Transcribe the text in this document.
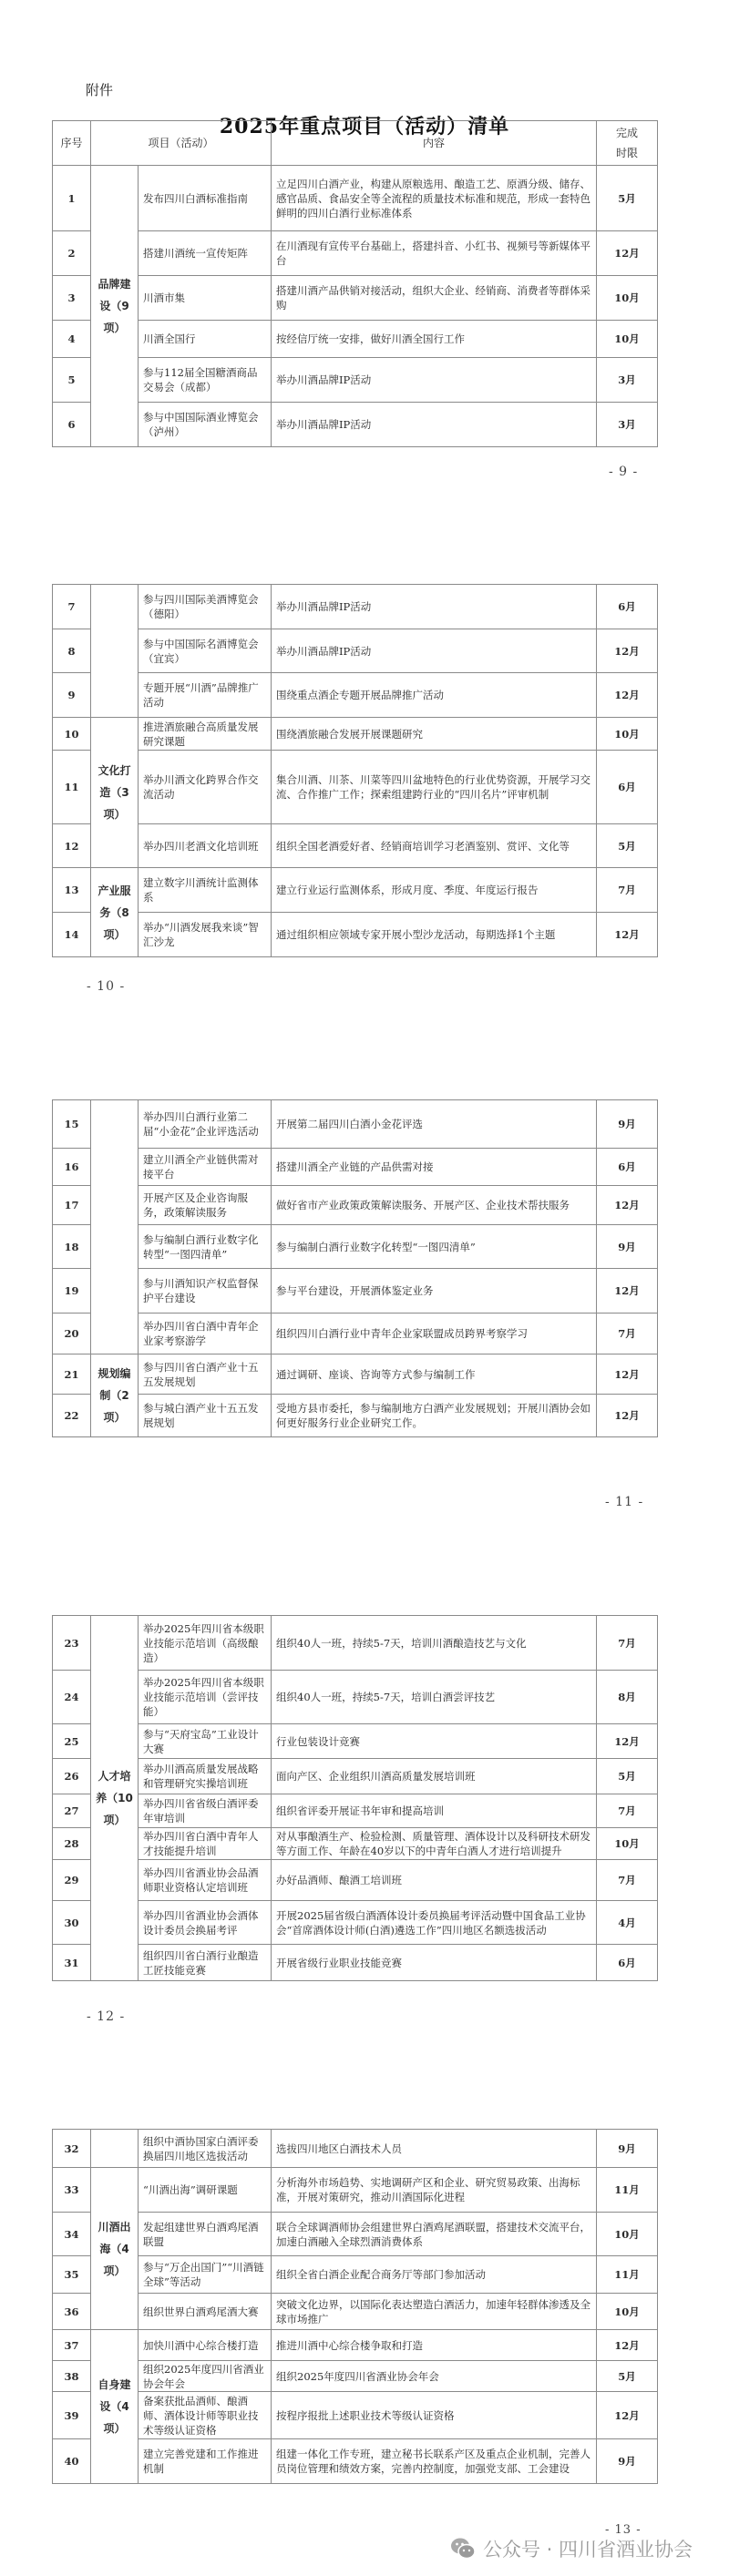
附件
2025年重点项目（活动）清单
序号	项目（活动）		内容	完成
时限
1	品牌建设（9项）	发布四川白酒标准指南	立足四川白酒产业，构建从原粮选用、酿造工艺、原酒分级、储存、感官品质、食品安全等全流程的质量技术标准和规范，形成一套特色鲜明的四川白酒行业标准体系	5月
2		搭建川酒统一宣传矩阵	在川酒现有宣传平台基础上，搭建抖音、小红书、视频号等新媒体平台	12月
3		川酒市集	搭建川酒产品供销对接活动，组织大企业、经销商、消费者等群体采购	10月
4		川酒全国行	按经信厅统一安排，做好川酒全国行工作	10月
5		参与112届全国糖酒商品交易会（成都）	举办川酒品牌IP活动	3月
6		参与中国国际酒业博览会（泸州）	举办川酒品牌IP活动	3月
- 9 -
7		参与四川国际美酒博览会（德阳）	举办川酒品牌IP活动	6月
8		参与中国国际名酒博览会（宜宾）	举办川酒品牌IP活动	12月
9		专题开展“川酒”品牌推广活动	围绕重点酒企专题开展品牌推广活动	12月
10	文化打造（3项）	推进酒旅融合高质量发展研究课题	围绕酒旅融合发展开展课题研究	10月
11		举办川酒文化跨界合作交流活动	集合川酒、川茶、川菜等四川盆地特色的行业优势资源，开展学习交流、合作推广工作；探索组建跨行业的“四川名片”评审机制	6月
12		举办四川老酒文化培训班	组织全国老酒爱好者、经销商培训学习老酒鉴别、赏评、文化等	5月
13	产业服务（8项）	建立数字川酒统计监测体系	建立行业运行监测体系，形成月度、季度、年度运行报告	7月
14		举办“川酒发展我来谈”智汇沙龙	通过组织相应领域专家开展小型沙龙活动，每期选择1个主题	12月
- 10 -
15		举办四川白酒行业第二届“小金花”企业评选活动	开展第二届四川白酒小金花评选	9月
16		建立川酒全产业链供需对接平台	搭建川酒全产业链的产品供需对接	6月
17		开展产区及企业咨询服务，政策解读服务	做好省市产业政策政策解读服务、开展产区、企业技术帮扶服务	12月
18		参与编制白酒行业数字化转型“一图四清单”	参与编制白酒行业数字化转型“一图四清单”	9月
19		参与川酒知识产权监督保护平台建设	参与平台建设，开展酒体鉴定业务	12月
20		举办四川省白酒中青年企业家考察游学	组织四川白酒行业中青年企业家联盟成员跨界考察学习	7月
21	规划编制（2项）	参与四川省白酒产业十五五发展规划	通过调研、座谈、咨询等方式参与编制工作	12月
22		参与城白酒产业十五五发展规划	受地方县市委托，参与编制地方白酒产业发展规划；开展川酒协会如何更好服务行业企业研究工作。	12月
- 11 -
23	人才培养（10项）	举办2025年四川省本级职业技能示范培训（高级酿造）	组织40人一班，持续5-7天，培训川酒酿造技艺与文化	7月
24		举办2025年四川省本级职业技能示范培训（尝评技能）	组织40人一班，持续5-7天，培训白酒尝评技艺	8月
25		参与“天府宝岛”工业设计大赛	行业包装设计竞赛	12月
26		举办川酒高质量发展战略和管理研究实操培训班	面向产区、企业组织川酒高质量发展培训班	5月
27		举办四川省省级白酒评委年审培训	组织省评委开展证书年审和提高培训	7月
28		举办四川省白酒中青年人才技能提升培训	对从事酿酒生产、检验检测、质量管理、酒体设计以及科研技术研发等方面工作、年龄在40岁以下的中青年白酒人才进行培训提升	10月
29		举办四川省酒业协会品酒师职业资格认定培训班	办好品酒师、酿酒工培训班	7月
30		举办四川省酒业协会酒体设计委员会换届考评	开展2025届省级白酒酒体设计委员换届考评活动暨中国食品工业协会“首席酒体设计师(白酒)遴选工作”四川地区名额选拔活动	4月
31		组织四川省白酒行业酿造工匠技能竞赛	开展省级行业职业技能竞赛	6月
- 12 -
32		组织中酒协国家白酒评委换届四川地区选拔活动	选拔四川地区白酒技术人员	9月
33	川酒出海（4项）	“川酒出海”调研课题	分析海外市场趋势、实地调研产区和企业、研究贸易政策、出海标准，开展对策研究，推动川酒国际化进程	11月
34		发起组建世界白酒鸡尾酒联盟	联合全球调酒师协会组建世界白酒鸡尾酒联盟，搭建技术交流平台，加速白酒融入全球烈酒消费体系	10月
35		参与“万企出国门”“川酒链全球”等活动	组织全省白酒企业配合商务厅等部门参加活动	11月
36		组织世界白酒鸡尾酒大赛	突破文化边界，以国际化表达塑造白酒活力，加速年轻群体渗透及全球市场推广	10月
37	自身建设（4项）	加快川酒中心综合楼打造	推进川酒中心综合楼争取和打造	12月
38		组织2025年度四川省酒业协会年会	组织2025年度四川省酒业协会年会	5月
39		备案获批品酒师、酿酒师、酒体设计师等职业技术等级认证资格	按程序报批上述职业技术等级认证资格	12月
40		建立完善党建和工作推进机制	组建一体化工作专班，建立秘书长联系产区及重点企业机制，完善人员岗位管理和绩效方案，完善内控制度，加强党支部、工会建设	9月
- 13 -
公众号 · 四川省酒业协会
